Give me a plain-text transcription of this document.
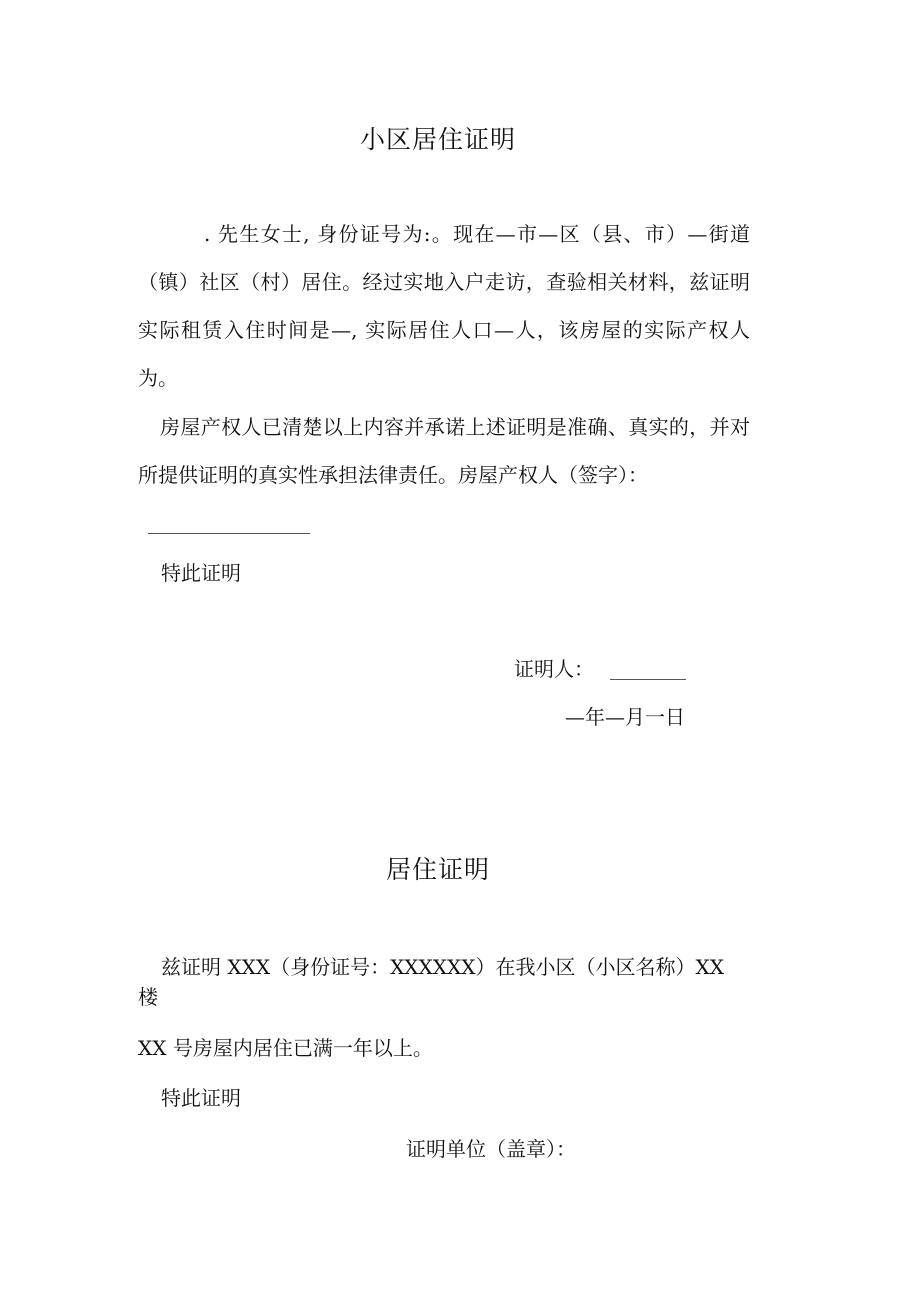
小区居住证明

. 先生女士, 身份证号为:。现在—市—区（县、市）—街道（镇）社区（村）居住。经过实地入户走访，查验相关材料，兹证明实际租赁入住时间是—, 实际居住人口—人，该房屋的实际产权人为。

房屋产权人已清楚以上内容并承诺上述证明是准确、真实的，并对所提供证明的真实性承担法律责任。房屋产权人（签字）：

特此证明

证明人：

—年—月一日

居住证明

兹证明 XXX（身份证号：XXXXXX）在我小区（小区名称）XX

楼

XX 号房屋内居住已满一年以上。

特此证明

证明单位（盖章）：
